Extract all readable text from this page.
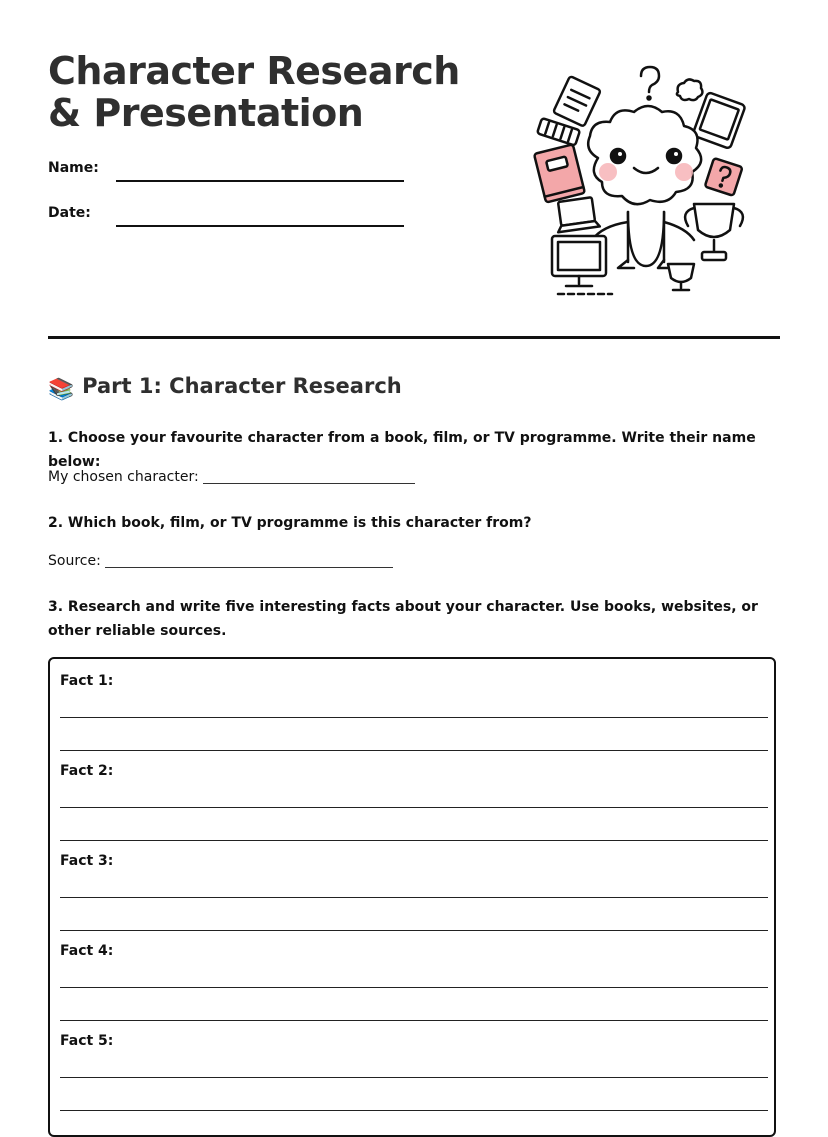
Character Research & Presentation
Name:
Date:
📚 Part 1: Character Research

1. Choose your favourite character from a book, film, or TV programme. Write their name below:

My chosen character:

2. Which book, film, or TV programme is this character from?

Source:

3. Research and write five interesting facts about your character. Use books, websites, or other reliable sources.

Fact 1:
Fact 2:
Fact 3:
Fact 4:
Fact 5:
